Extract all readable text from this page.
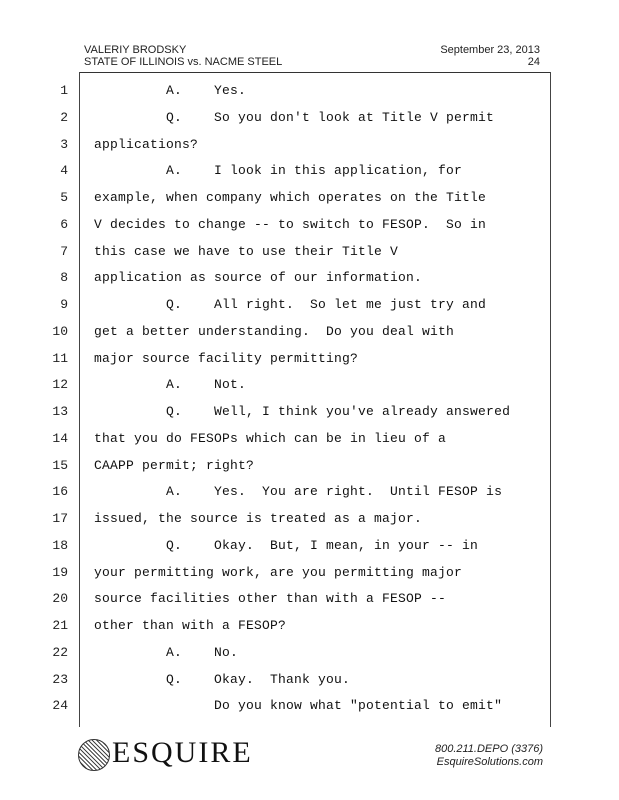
VALERIY BRODSKY
STATE OF ILLINOIS vs. NACME STEEL
September 23, 2013
24
1 A.    Yes.
2 Q.    So you don't look at Title V permit
3 applications?
4 A.    I look in this application, for
5 example, when company which operates on the Title
6 V decides to change -- to switch to FESOP.  So in
7 this case we have to use their Title V
8 application as source of our information.
9 Q.    All right.  So let me just try and
10 get a better understanding.  Do you deal with
11 major source facility permitting?
12 A.    Not.
13 Q.    Well, I think you've already answered
14 that you do FESOPs which can be in lieu of a
15 CAAPP permit; right?
16 A.    Yes.  You are right.  Until FESOP is
17 issued, the source is treated as a major.
18 Q.    Okay.  But, I mean, in your -- in
19 your permitting work, are you permitting major
20 source facilities other than with a FESOP --
21 other than with a FESOP?
22 A.    No.
23 Q.    Okay.  Thank you.
24 Do you know what "potential to emit"
ESQUIRE	800.211.DEPO (3376)
EsquireSolutions.com
